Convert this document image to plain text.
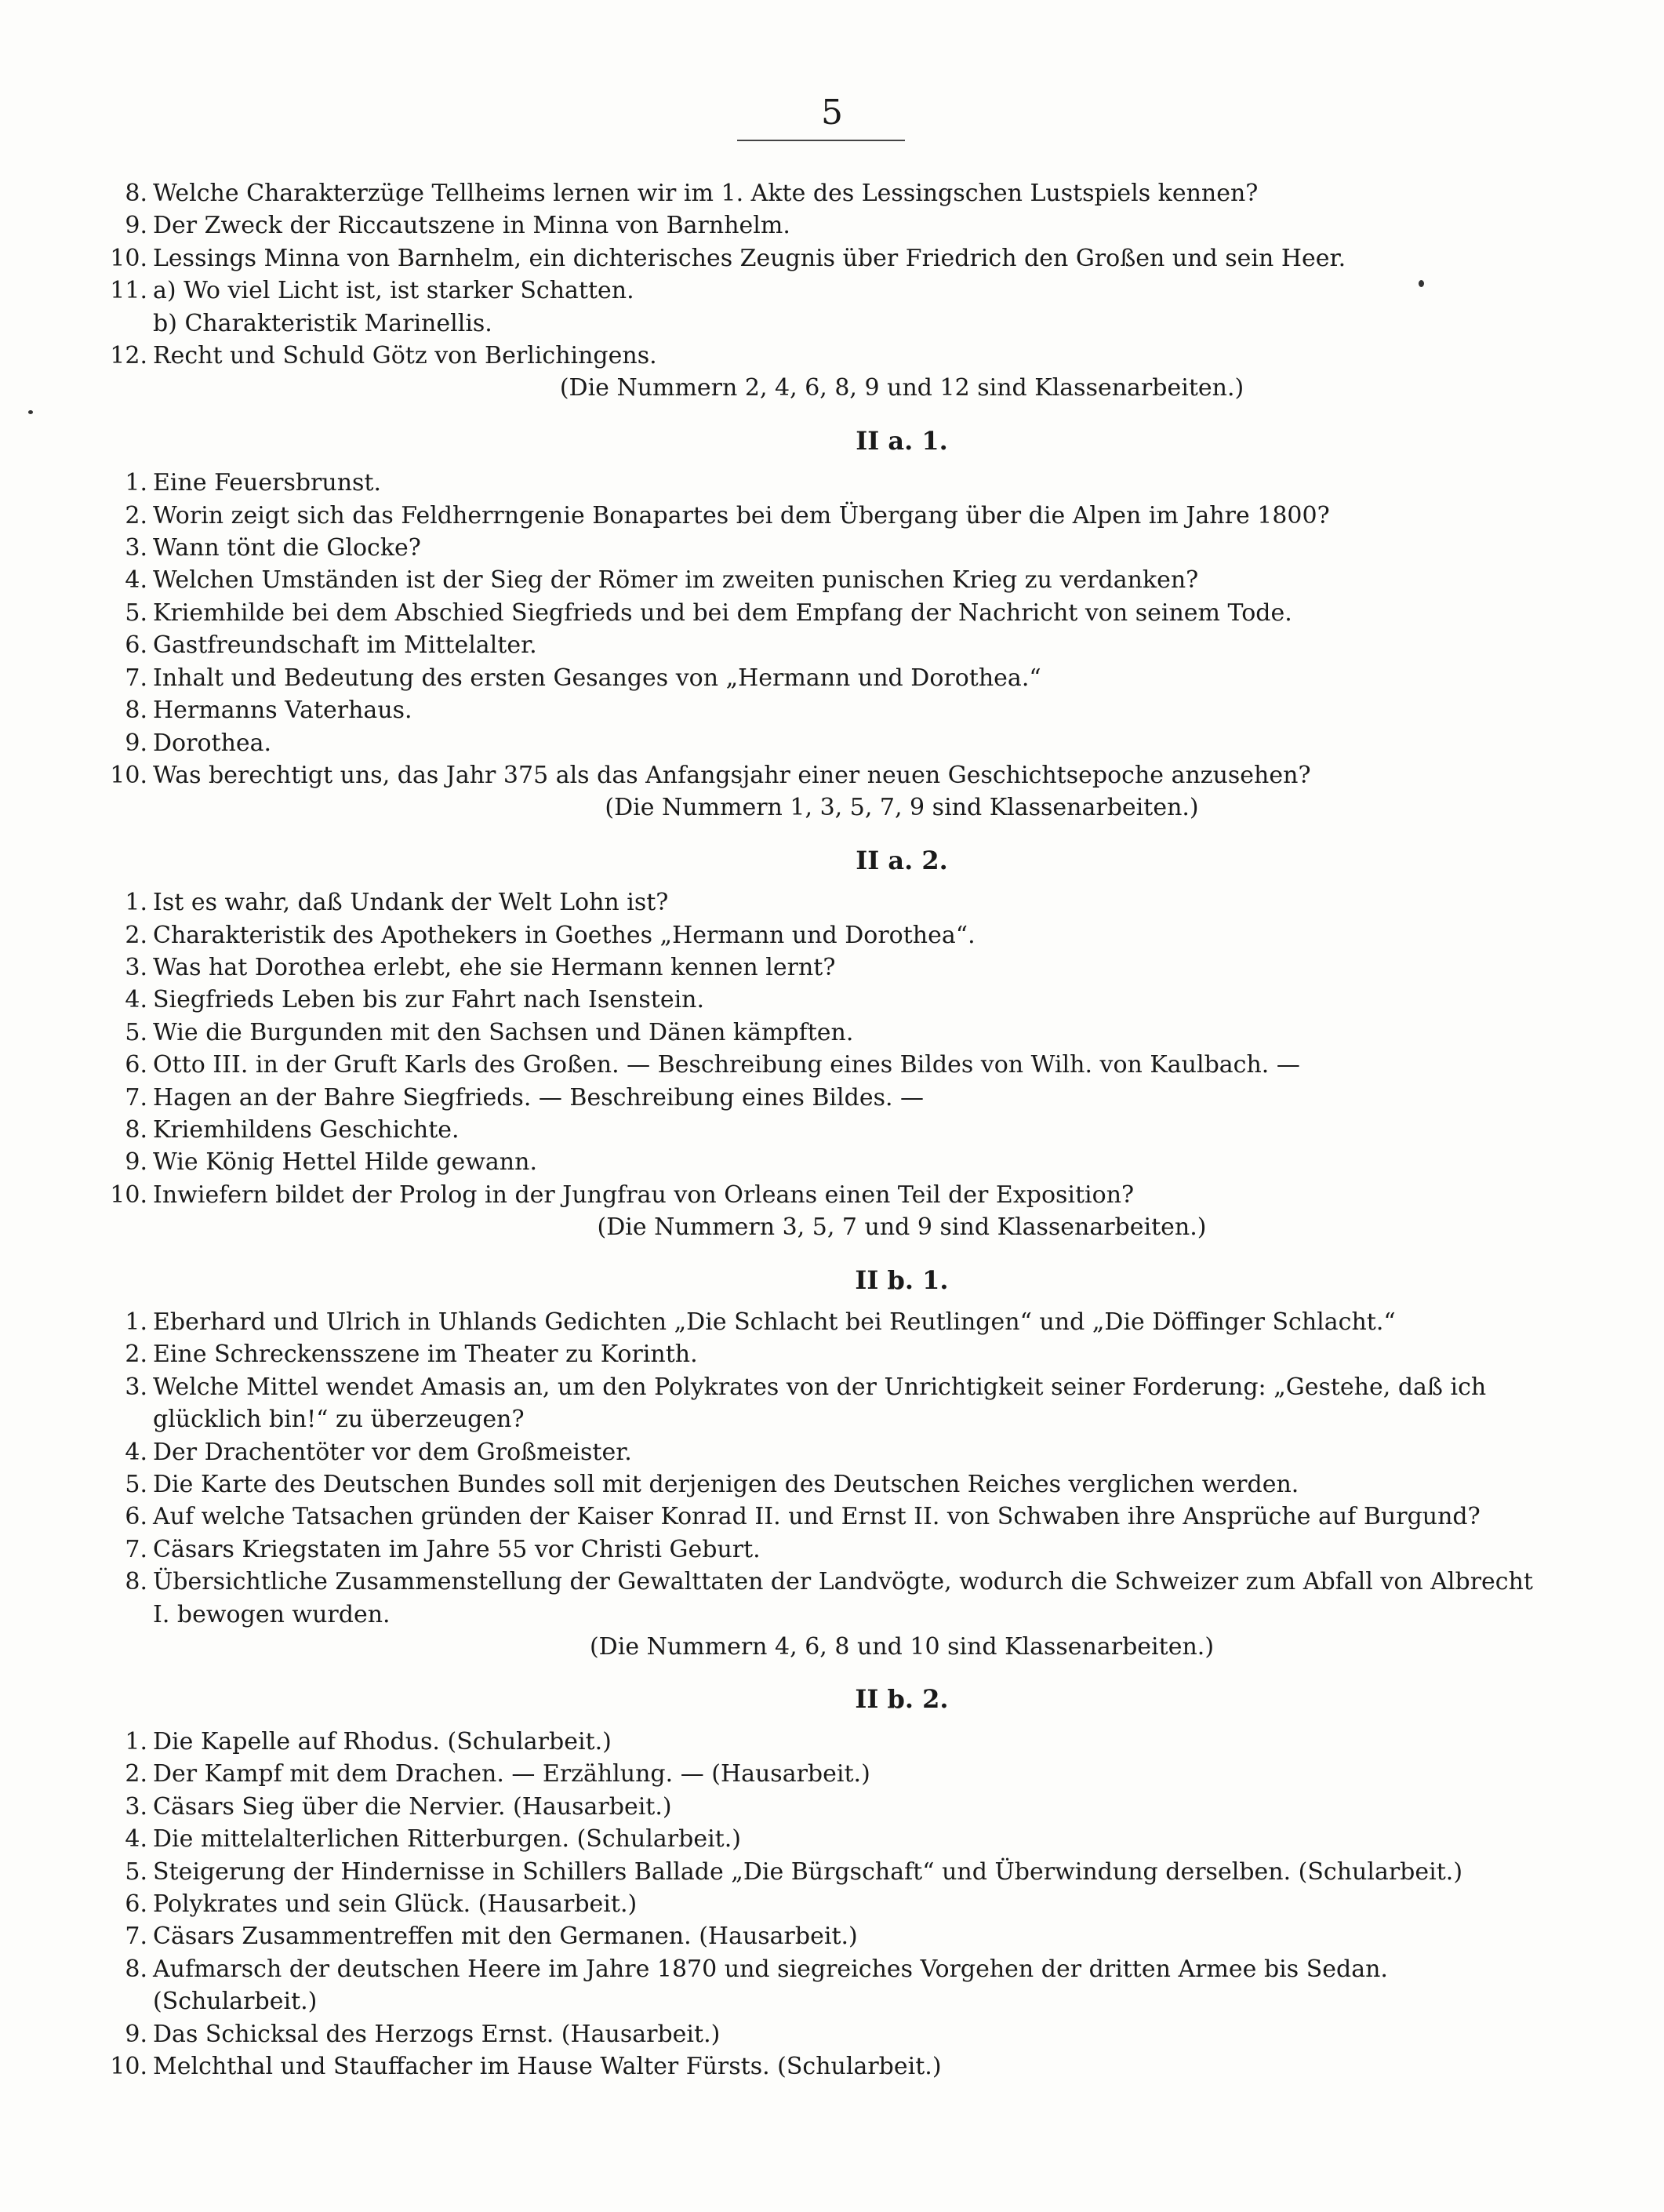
5
8. Welche Charakterzüge Tellheims lernen wir im 1. Akte des Lessingschen Lustspiels kennen?
9. Der Zweck der Riccautszene in Minna von Barnhelm.
10. Lessings Minna von Barnhelm, ein dichterisches Zeugnis über Friedrich den Großen und sein Heer.
11. a) Wo viel Licht ist, ist starker Schatten.
b) Charakteristik Marinellis.
12. Recht und Schuld Götz von Berlichingens.
(Die Nummern 2, 4, 6, 8, 9 und 12 sind Klassenarbeiten.)
II a. 1.
1. Eine Feuersbrunst.
2. Worin zeigt sich das Feldherrngenie Bonapartes bei dem Übergang über die Alpen im Jahre 1800?
3. Wann tönt die Glocke?
4. Welchen Umständen ist der Sieg der Römer im zweiten punischen Krieg zu verdanken?
5. Kriemhilde bei dem Abschied Siegfrieds und bei dem Empfang der Nachricht von seinem Tode.
6. Gastfreundschaft im Mittelalter.
7. Inhalt und Bedeutung des ersten Gesanges von „Hermann und Dorothea.“
8. Hermanns Vaterhaus.
9. Dorothea.
10. Was berechtigt uns, das Jahr 375 als das Anfangsjahr einer neuen Geschichtsepoche anzusehen?
(Die Nummern 1, 3, 5, 7, 9 sind Klassenarbeiten.)
II a. 2.
1. Ist es wahr, daß Undank der Welt Lohn ist?
2. Charakteristik des Apothekers in Goethes „Hermann und Dorothea“.
3. Was hat Dorothea erlebt, ehe sie Hermann kennen lernt?
4. Siegfrieds Leben bis zur Fahrt nach Isenstein.
5. Wie die Burgunden mit den Sachsen und Dänen kämpften.
6. Otto III. in der Gruft Karls des Großen. — Beschreibung eines Bildes von Wilh. von Kaulbach. —
7. Hagen an der Bahre Siegfrieds. — Beschreibung eines Bildes. —
8. Kriemhildens Geschichte.
9. Wie König Hettel Hilde gewann.
10. Inwiefern bildet der Prolog in der Jungfrau von Orleans einen Teil der Exposition?
(Die Nummern 3, 5, 7 und 9 sind Klassenarbeiten.)
II b. 1.
1. Eberhard und Ulrich in Uhlands Gedichten „Die Schlacht bei Reutlingen“ und „Die Döffinger Schlacht.“
2. Eine Schreckensszene im Theater zu Korinth.
3. Welche Mittel wendet Amasis an, um den Polykrates von der Unrichtigkeit seiner Forderung: „Gestehe, daß ich glücklich bin!“ zu überzeugen?
4. Der Drachentöter vor dem Großmeister.
5. Die Karte des Deutschen Bundes soll mit derjenigen des Deutschen Reiches verglichen werden.
6. Auf welche Tatsachen gründen der Kaiser Konrad II. und Ernst II. von Schwaben ihre Ansprüche auf Burgund?
7. Cäsars Kriegstaten im Jahre 55 vor Christi Geburt.
8. Übersichtliche Zusammenstellung der Gewalttaten der Landvögte, wodurch die Schweizer zum Abfall von Albrecht I. bewogen wurden.
(Die Nummern 4, 6, 8 und 10 sind Klassenarbeiten.)
II b. 2.
1. Die Kapelle auf Rhodus. (Schularbeit.)
2. Der Kampf mit dem Drachen. — Erzählung. — (Hausarbeit.)
3. Cäsars Sieg über die Nervier. (Hausarbeit.)
4. Die mittelalterlichen Ritterburgen. (Schularbeit.)
5. Steigerung der Hindernisse in Schillers Ballade „Die Bürgschaft“ und Überwindung derselben. (Schularbeit.)
6. Polykrates und sein Glück. (Hausarbeit.)
7. Cäsars Zusammentreffen mit den Germanen. (Hausarbeit.)
8. Aufmarsch der deutschen Heere im Jahre 1870 und siegreiches Vorgehen der dritten Armee bis Sedan. (Schularbeit.)
9. Das Schicksal des Herzogs Ernst. (Hausarbeit.)
10. Melchthal und Stauffacher im Hause Walter Fürsts. (Schularbeit.)
